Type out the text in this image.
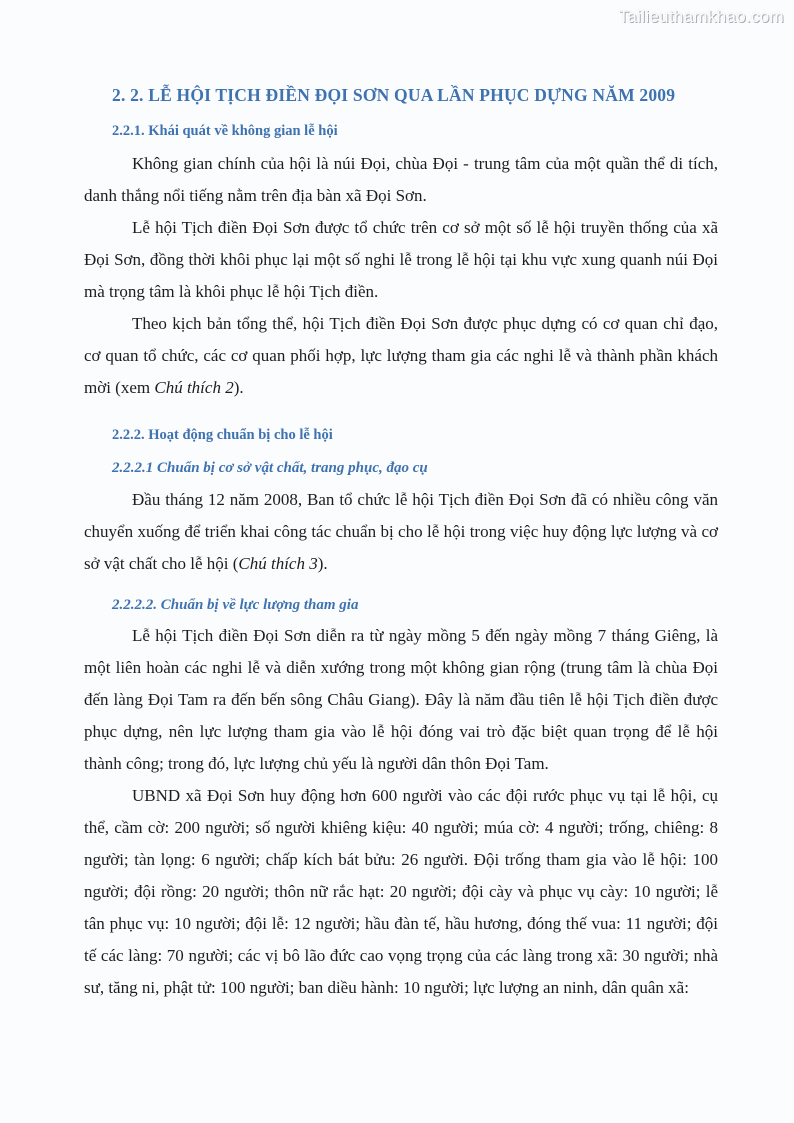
Tailieuthamkhao.com
2. 2. LỄ HỘI TỊCH ĐIỀN ĐỌI SƠN QUA LẦN PHỤC DỰNG NĂM 2009
2.2.1. Khái quát về không gian lễ hội

Không gian chính của hội là núi Đọi, chùa Đọi - trung tâm của một quần thể di tích, danh thắng nổi tiếng nằm trên địa bàn xã Đọi Sơn.

Lễ hội Tịch điền Đọi Sơn được tổ chức trên cơ sở một số lễ hội truyền thống của xã Đọi Sơn, đồng thời khôi phục lại một số nghi lễ trong lễ hội tại khu vực xung quanh núi Đọi mà trọng tâm là khôi phục lễ hội Tịch điền.

Theo kịch bản tổng thể, hội Tịch điền Đọi Sơn được phục dựng có cơ quan chỉ đạo, cơ quan tổ chức, các cơ quan phối hợp, lực lượng tham gia các nghi lễ và thành phần khách mời (xem Chú thích 2).

2.2.2. Hoạt động chuẩn bị cho lễ hội
2.2.2.1 Chuẩn bị cơ sở vật chất, trang phục, đạo cụ

Đầu tháng 12 năm 2008, Ban tổ chức lễ hội Tịch điền Đọi Sơn đã có nhiều công văn chuyển xuống để triển khai công tác chuẩn bị cho lễ hội trong việc huy động lực lượng và cơ sở vật chất cho lễ hội (Chú thích 3).

2.2.2.2. Chuẩn bị về lực lượng tham gia

Lễ hội Tịch điền Đọi Sơn diễn ra từ ngày mồng 5 đến ngày mồng 7 tháng Giêng, là một liên hoàn các nghi lễ và diễn xướng trong một không gian rộng (trung tâm là chùa Đọi đến làng Đọi Tam ra đến bến sông Châu Giang). Đây là năm đầu tiên lễ hội Tịch điền được phục dựng, nên lực lượng tham gia vào lễ hội đóng vai trò đặc biệt quan trọng để lễ hội thành công; trong đó, lực lượng chủ yếu là người dân thôn Đọi Tam.

UBND xã Đọi Sơn huy động hơn 600 người vào các đội rước phục vụ tại lễ hội, cụ thể, cầm cờ: 200 người; số người khiêng kiệu: 40 người; múa cờ: 4 người; trống, chiêng: 8 người; tàn lọng: 6 người; chấp kích bát bửu: 26 người. Đội trống tham gia vào lễ hội: 100 người; đội rồng: 20 người; thôn nữ rắc hạt: 20 người; đội cày và phục vụ cày: 10 người; lễ tân phục vụ: 10 người; đội lễ: 12 người; hầu đàn tế, hầu hương, đóng thế vua: 11 người; đội tế các làng: 70 người; các vị bô lão đức cao vọng trọng của các làng trong xã: 30 người; nhà sư, tăng ni, phật tử: 100 người; ban diều hành: 10 người; lực lượng an ninh, dân quân xã:
